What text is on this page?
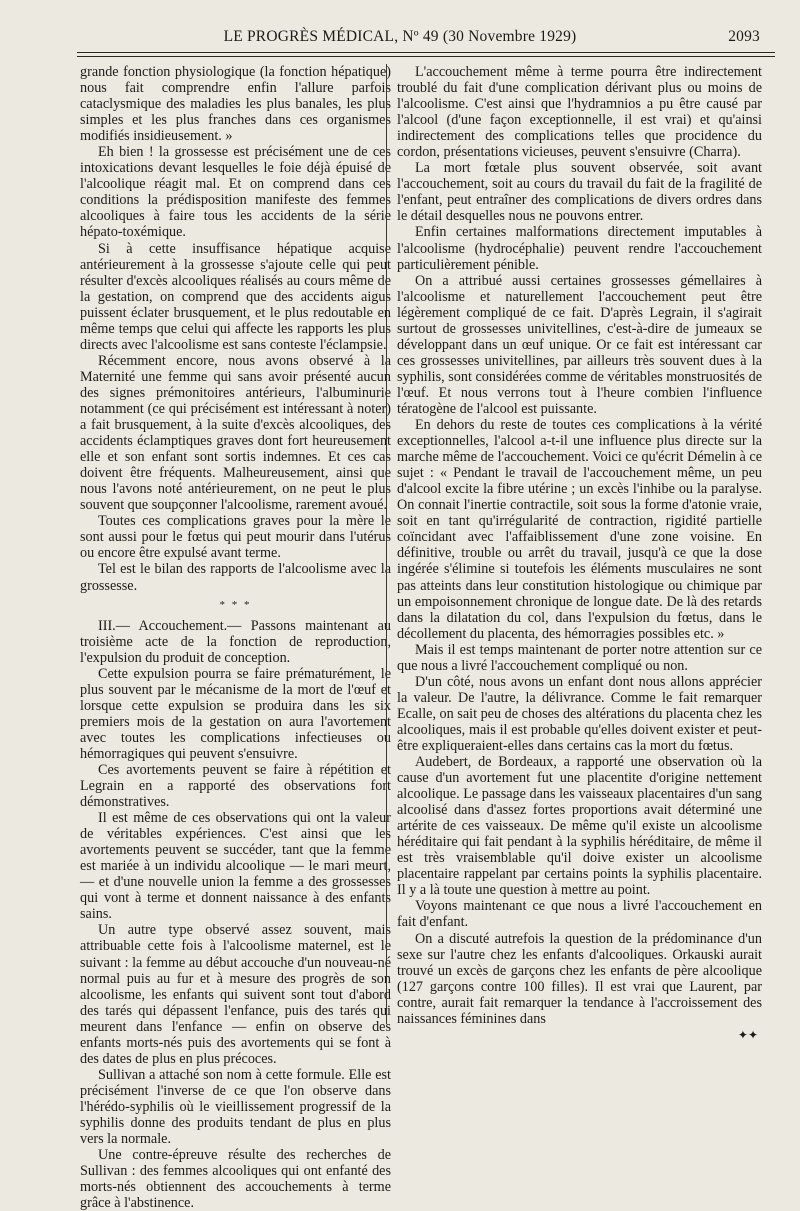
LE PROGRÈS MÉDICAL, Nº 49 (30 Novembre 1929)	2093

grande fonction physiologique (la fonction hépatique) nous fait comprendre enfin l'allure parfois cataclysmique des maladies les plus banales, les plus simples et les plus franches dans ces organismes modifiés insidieusement. »

Eh bien ! la grossesse est précisément une de ces intoxications devant lesquelles le foie déjà épuisé de l'alcoolique réagit mal. Et on comprend dans ces conditions la prédisposition manifeste des femmes alcooliques à faire tous les accidents de la série hépato-toxémique.

Si à cette insuffisance hépatique acquise antérieurement à la grossesse s'ajoute celle qui peut résulter d'excès alcooliques réalisés au cours même de la gestation, on comprend que des accidents aigus puissent éclater brusquement, et le plus redoutable en même temps que celui qui affecte les rapports les plus directs avec l'alcoolisme est sans conteste l'éclampsie.

Récemment encore, nous avons observé à la Maternité une femme qui sans avoir présenté aucun des signes prémonitoires antérieurs, l'albuminurie notamment (ce qui précisément est intéressant à noter) a fait brusquement, à la suite d'excès alcooliques, des accidents éclamptiques graves dont fort heureusement elle et son enfant sont sortis indemnes. Et ces cas doivent être fréquents. Malheureusement, ainsi que nous l'avons noté antérieurement, on ne peut le plus souvent que soupçonner l'alcoolisme, rarement avoué.

Toutes ces complications graves pour la mère le sont aussi pour le fœtus qui peut mourir dans l'utérus ou encore être expulsé avant terme.

Tel est le bilan des rapports de l'alcoolisme avec la grossesse.

* * *

III.— Accouchement.— Passons maintenant au troisième acte de la fonction de reproduction, l'expulsion du produit de conception.

Cette expulsion pourra se faire prématurément, le plus souvent par le mécanisme de la mort de l'œuf et lorsque cette expulsion se produira dans les six premiers mois de la gestation on aura l'avortement avec toutes les complications infectieuses ou hémorragiques qui peuvent s'ensuivre.

Ces avortements peuvent se faire à répétition et Legrain en a rapporté des observations fort démonstratives.

Il est même de ces observations qui ont la valeur de véritables expériences. C'est ainsi que les avortements peuvent se succéder, tant que la femme est mariée à un individu alcoolique — le mari meurt, — et d'une nouvelle union la femme a des grossesses qui vont à terme et donnent naissance à des enfants sains.

Un autre type observé assez souvent, mais attribuable cette fois à l'alcoolisme maternel, est le suivant : la femme au début accouche d'un nouveau-né normal puis au fur et à mesure des progrès de son alcoolisme, les enfants qui suivent sont tout d'abord des tarés qui dépassent l'enfance, puis des tarés qui meurent dans l'enfance — enfin on observe des enfants morts-nés puis des avortements qui se font à des dates de plus en plus précoces.

Sullivan a attaché son nom à cette formule. Elle est précisément l'inverse de ce que l'on observe dans l'hérédo-syphilis où le vieillissement progressif de la syphilis donne des produits tendant de plus en plus vers la normale.

Une contre-épreuve résulte des recherches de Sullivan : des femmes alcooliques qui ont enfanté des morts-nés obtiennent des accouchements à terme grâce à l'abstinence.

L'accouchement même à terme pourra être indirectement troublé du fait d'une complication dérivant plus ou moins de l'alcoolisme. C'est ainsi que l'hydramnios a pu être causé par l'alcool (d'une façon exceptionnelle, il est vrai) et qu'ainsi indirectement des complications telles que procidence du cordon, présentations vicieuses, peuvent s'ensuivre (Charra).

La mort fœtale plus souvent observée, soit avant l'accouchement, soit au cours du travail du fait de la fragilité de l'enfant, peut entraîner des complications de divers ordres dans le détail desquelles nous ne pouvons entrer.

Enfin certaines malformations directement imputables à l'alcoolisme (hydrocéphalie) peuvent rendre l'accouchement particulièrement pénible.

On a attribué aussi certaines grossesses gémellaires à l'alcoolisme et naturellement l'accouchement peut être légèrement compliqué de ce fait. D'après Legrain, il s'agirait surtout de grossesses univitellines, c'est-à-dire de jumeaux se développant dans un œuf unique. Or ce fait est intéressant car ces grossesses univitellines, par ailleurs très souvent dues à la syphilis, sont considérées comme de véritables monstruosités de l'œuf. Et nous verrons tout à l'heure combien l'influence tératogène de l'alcool est puissante.

En dehors du reste de toutes ces complications à la vérité exceptionnelles, l'alcool a-t-il une influence plus directe sur la marche même de l'accouchement. Voici ce qu'écrit Démelin à ce sujet : « Pendant le travail de l'accouchement même, un peu d'alcool excite la fibre utérine ; un excès l'inhibe ou la paralyse. On connait l'inertie contractile, soit sous la forme d'atonie vraie, soit en tant qu'irrégularité de contraction, rigidité partielle coïncidant avec l'affaiblissement d'une zone voisine. En définitive, trouble ou arrêt du travail, jusqu'à ce que la dose ingérée s'élimine si toutefois les éléments musculaires ne sont pas atteints dans leur constitution histologique ou chimique par un empoisonnement chronique de longue date. De là des retards dans la dilatation du col, dans l'expulsion du fœtus, dans le décollement du placenta, des hémorragies possibles etc. »

Mais il est temps maintenant de porter notre attention sur ce que nous a livré l'accouchement compliqué ou non.

D'un côté, nous avons un enfant dont nous allons apprécier la valeur. De l'autre, la délivrance. Comme le fait remarquer Ecalle, on sait peu de choses des altérations du placenta chez les alcooliques, mais il est probable qu'elles doivent exister et peut-être expliqueraient-elles dans certains cas la mort du fœtus.

Audebert, de Bordeaux, a rapporté une observation où la cause d'un avortement fut une placentite d'origine nettement alcoolique. Le passage dans les vaisseaux placentaires d'un sang alcoolisé dans d'assez fortes proportions avait déterminé une artérite de ces vaisseaux. De même qu'il existe un alcoolisme héréditaire qui fait pendant à la syphilis héréditaire, de même il est très vraisemblable qu'il doive exister un alcoolisme placentaire rappelant par certains points la syphilis placentaire. Il y a là toute une question à mettre au point.

Voyons maintenant ce que nous a livré l'accouchement en fait d'enfant.

On a discuté autrefois la question de la prédominance d'un sexe sur l'autre chez les enfants d'alcooliques. Orkauski aurait trouvé un excès de garçons chez les enfants de père alcoolique (127 garçons contre 100 filles). Il est vrai que Laurent, par contre, aurait fait remarquer la tendance à l'accroissement des naissances féminines dans

✦✦
